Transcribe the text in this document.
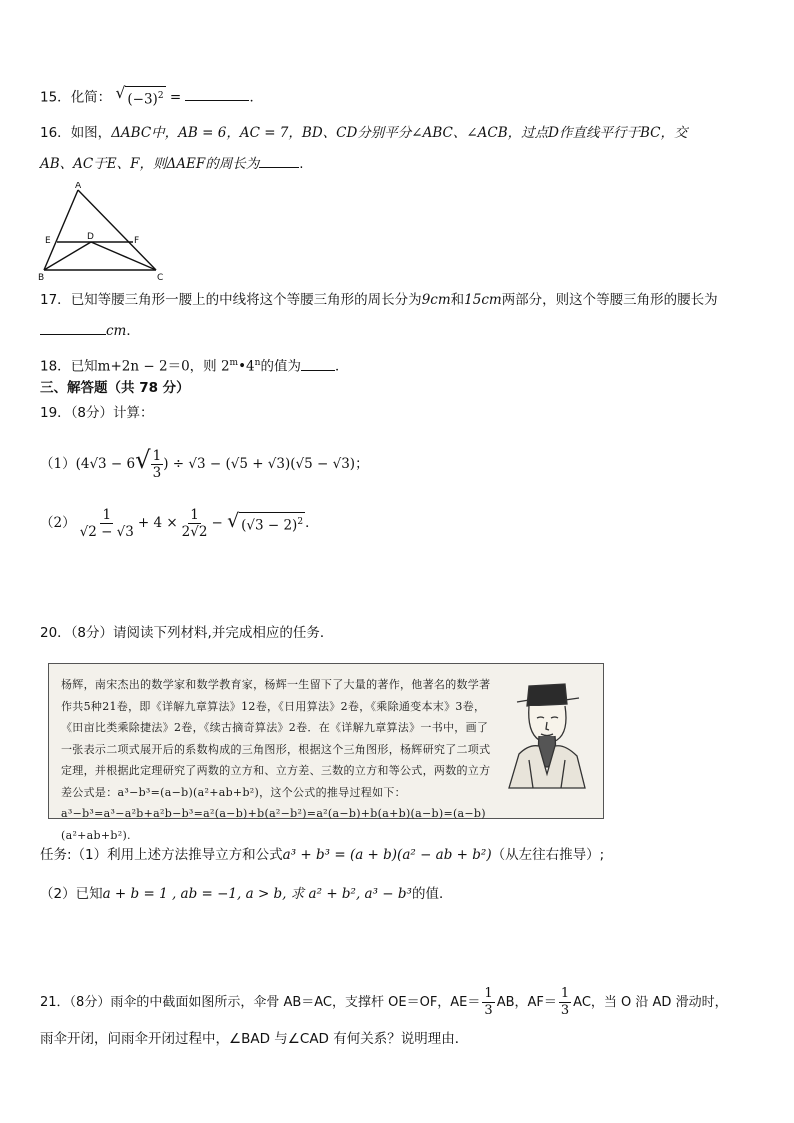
15．化简： √ $(-3)^2$ =	．
16．如图，ΔABC中，AB = 6，AC = 7，BD、CD分别平分∠ABC、∠ACB，过点D作直线平行于BC，交
AB、AC于E、F，则ΔAEF的周长为	.
A
E	D	F
B	C
17．已知等腰三角形一腰上的中线将这个等腰三角形的周长分为9cm和15cm两部分，则这个等腰三角形的腰长为
cm．
18．已知m+2n − 2＝0，则 2$^m$•4$^n$的值为	．
三、解答题（共 78 分）
19．（8分）计算：
（1）(4√3 − 6 √ $\frac{1}{3}$ ) ÷ √3 − (√5 + √3)(√5 − √3)；
$(2) \frac{1}{√2 - √3} + 4 \times \frac{1}{2√2}$ − √ $(√3 - 2)^2$ ．
20．（8分）请阅读下列材料,并完成相应的任务．
杨辉，南宋杰出的数学家和数学教育家，杨辉一生留下了大量的著作，他著名的数学著作共5种21卷，即《详解九章算法》12卷，《日用算法》2卷，《乘除通变本末》3卷，《田亩比类乘除捷法》2卷，《续古摘奇算法》2卷．在《详解九章算法》一书中，画了一张表示二项式展开后的系数构成的三角图形，根据这个三角图形，杨辉研究了二项式定理，并根据此定理研究了两数的立方和、立方差、三数的立方和等公式，两数的立方差公式是：a³−b³=(a−b)(a²+ab+b²)，这个公式的推导过程如下：a³−b³=a³−a²b+a²b−b³=a²(a−b)+b(a²−b²)=a²(a−b)+b(a+b)(a−b)=(a−b)(a²+ab+b²).
任务:（1）利用上述方法推导立方和公式a³ + b³ = (a + b)(a² − ab + b²)（从左往右推导）;
（2）已知a + b = 1 , ab = −1, a > b, 求 a² + b², a³ − b³的值．
21．（8分）雨伞的中截面如图所示，伞骨 AB＝AC，支撑杆 OE＝OF，$AE= \frac{1}{3}$ AB，$AF= \frac{1}{3}$ AC，当 O 沿 AD 滑动时，
雨伞开闭，问雨伞开闭过程中，∠BAD 与∠CAD 有何关系？说明理由．
